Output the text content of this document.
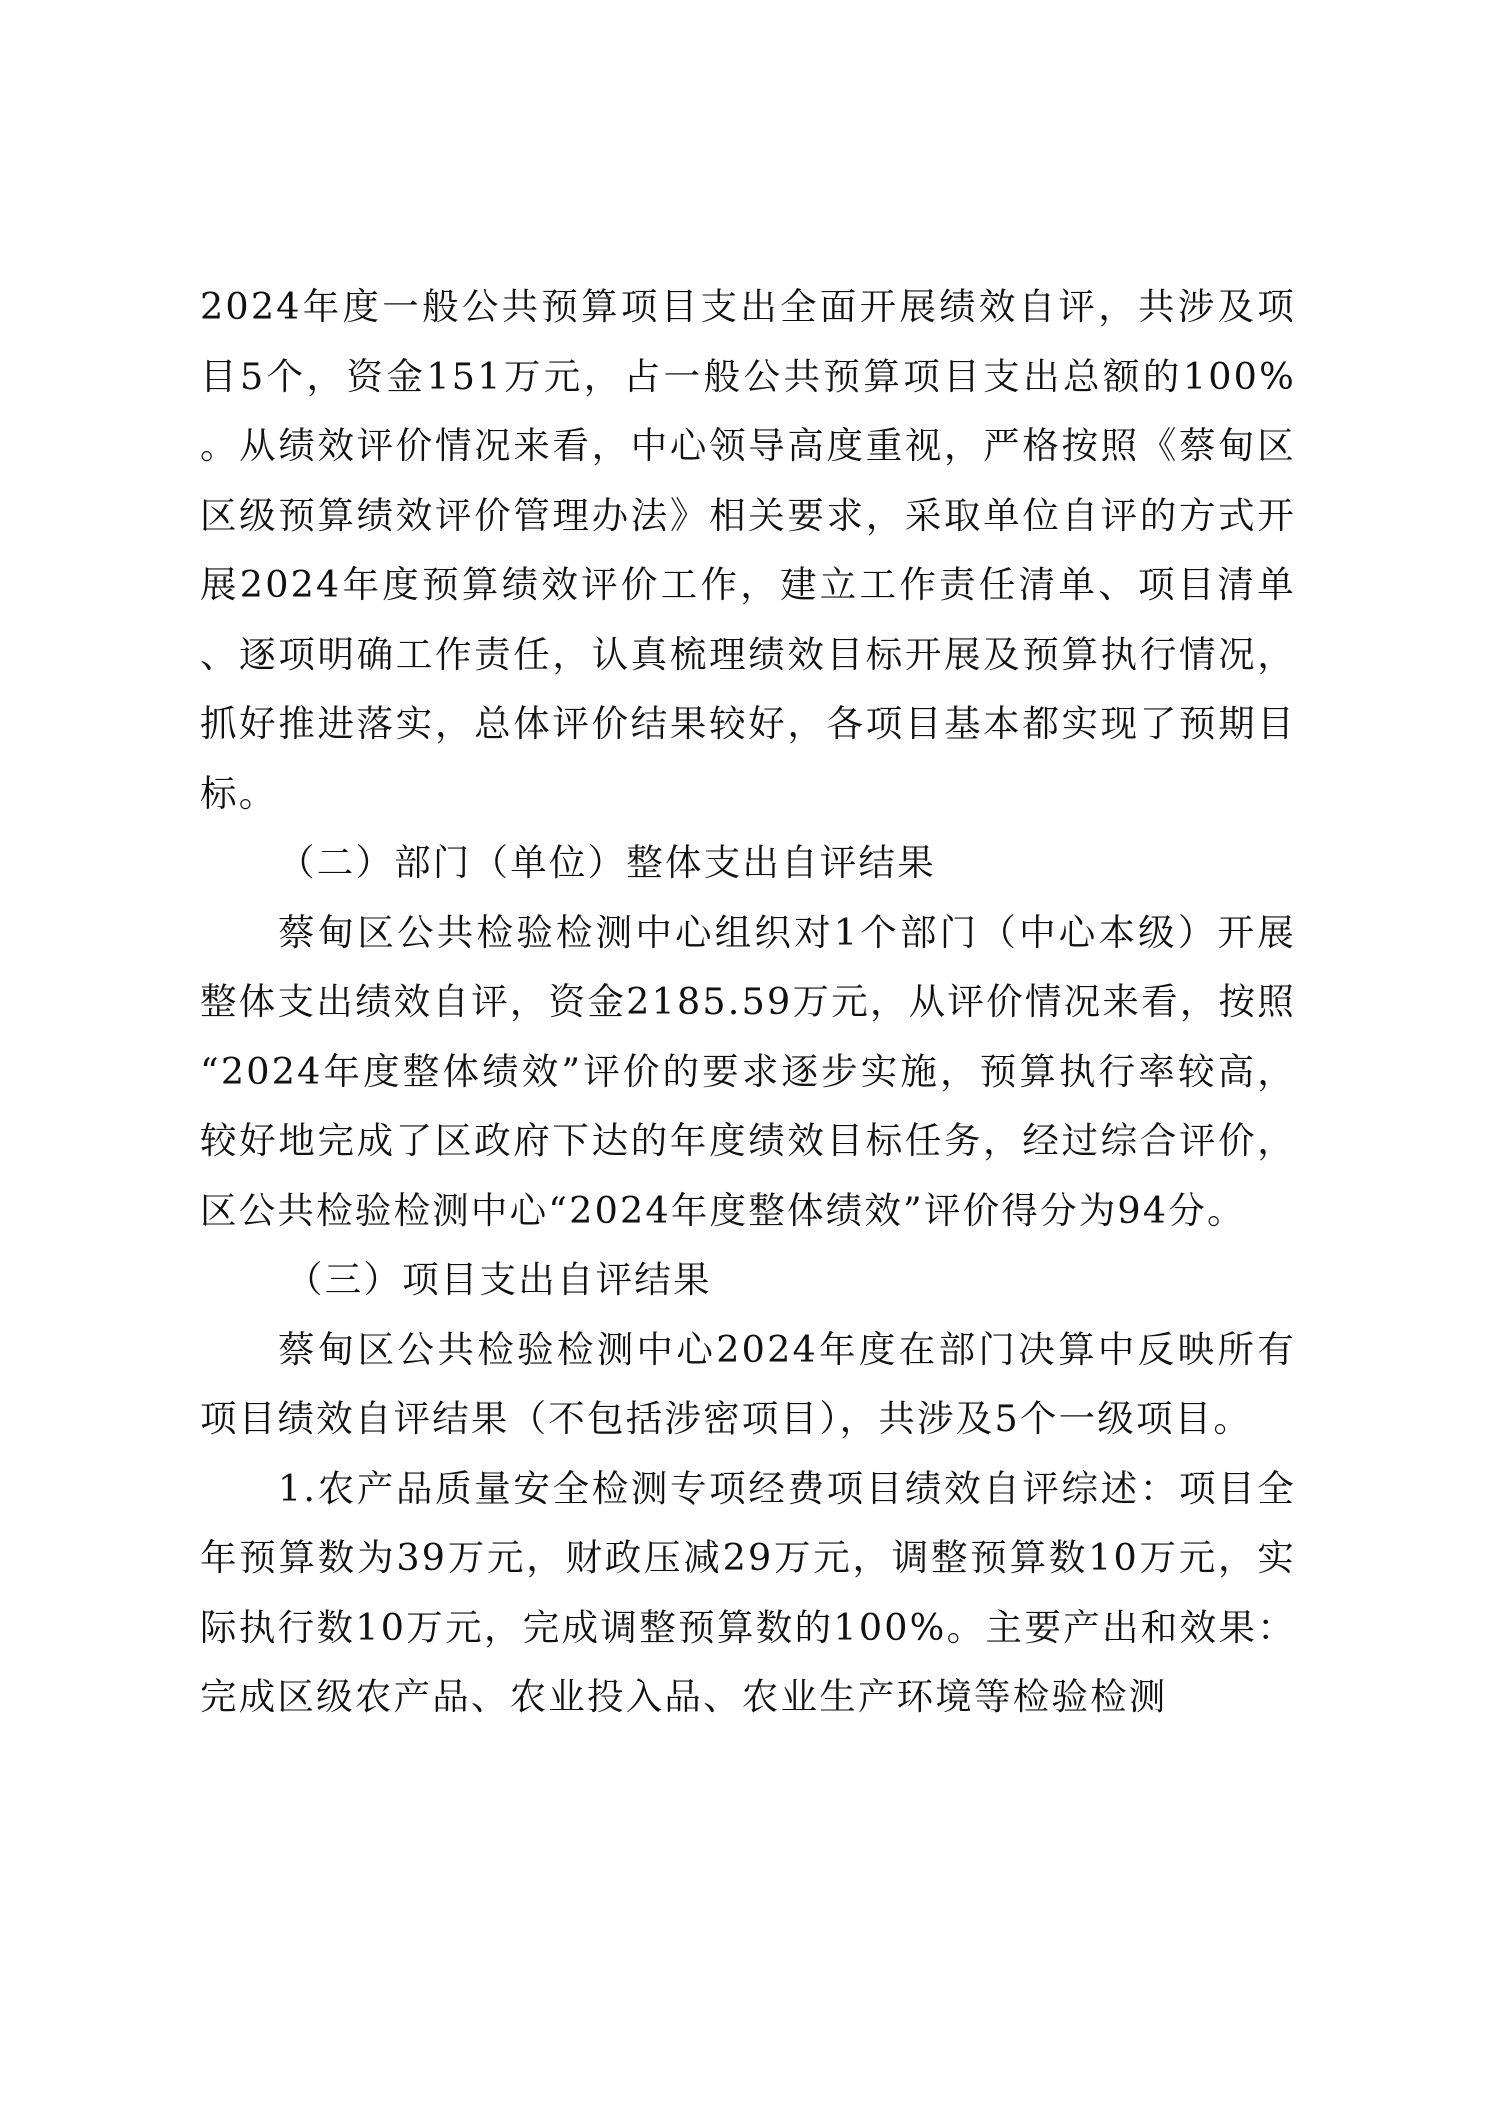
2024年度一般公共预算项目支出全面开展绩效自评，共涉及项目5个，资金151万元，占一般公共预算项目支出总额的100%。从绩效评价情况来看，中心领导高度重视，严格按照《蔡甸区区级预算绩效评价管理办法》相关要求，采取单位自评的方式开展2024年度预算绩效评价工作，建立工作责任清单、项目清单、逐项明确工作责任，认真梳理绩效目标开展及预算执行情况，抓好推进落实，总体评价结果较好，各项目基本都实现了预期目标。

（二）部门（单位）整体支出自评结果

蔡甸区公共检验检测中心组织对1个部门（中心本级）开展整体支出绩效自评，资金2185.59万元，从评价情况来看，按照“2024年度整体绩效”评价的要求逐步实施，预算执行率较高，较好地完成了区政府下达的年度绩效目标任务，经过综合评价，区公共检验检测中心“2024年度整体绩效”评价得分为94分。

（三）项目支出自评结果

蔡甸区公共检验检测中心2024年度在部门决算中反映所有项目绩效自评结果（不包括涉密项目），共涉及5个一级项目。

1.农产品质量安全检测专项经费项目绩效自评综述：项目全年预算数为39万元，财政压减29万元，调整预算数10万元，实际执行数10万元，完成调整预算数的100%。主要产出和效果：完成区级农产品、农业投入品、农业生产环境等检验检测
